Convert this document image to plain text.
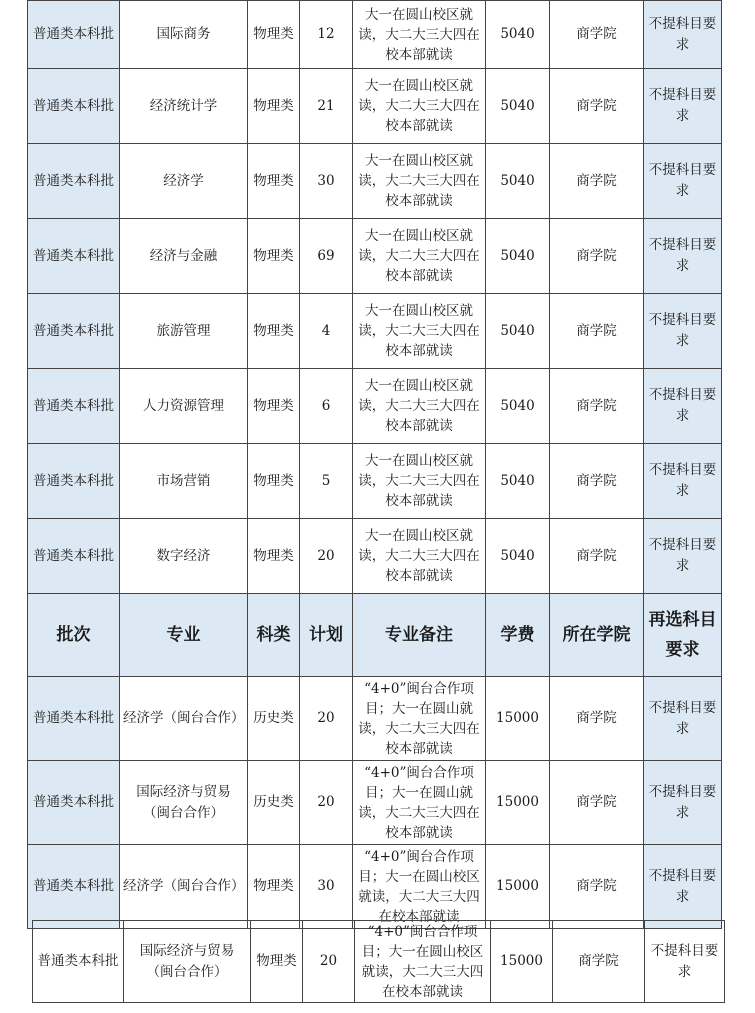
普通类本科批	国际商务	物理类	12	大一在圆山校区就读，大二大三大四在校本部就读	5040	商学院	不提科目要求
普通类本科批	经济统计学	物理类	21	大一在圆山校区就读，大二大三大四在校本部就读	5040	商学院	不提科目要求
普通类本科批	经济学	物理类	30	大一在圆山校区就读，大二大三大四在校本部就读	5040	商学院	不提科目要求
普通类本科批	经济与金融	物理类	69	大一在圆山校区就读，大二大三大四在校本部就读	5040	商学院	不提科目要求
普通类本科批	旅游管理	物理类	4	大一在圆山校区就读，大二大三大四在校本部就读	5040	商学院	不提科目要求
普通类本科批	人力资源管理	物理类	6	大一在圆山校区就读，大二大三大四在校本部就读	5040	商学院	不提科目要求
普通类本科批	市场营销	物理类	5	大一在圆山校区就读，大二大三大四在校本部就读	5040	商学院	不提科目要求
普通类本科批	数字经济	物理类	20	大一在圆山校区就读，大二大三大四在校本部就读	5040	商学院	不提科目要求
批次	专业	科类	计划	专业备注	学费	所在学院	再选科目要求
普通类本科批	经济学（闽台合作）	历史类	20	“4+0”闽台合作项目；大一在圆山就读，大二大三大四在校本部就读	15000	商学院	不提科目要求
普通类本科批	国际经济与贸易（闽台合作）	历史类	20	“4+0”闽台合作项目；大一在圆山就读，大二大三大四在校本部就读	15000	商学院	不提科目要求
普通类本科批	经济学（闽台合作）	物理类	30	“4+0”闽台合作项目；大一在圆山校区就读，大二大三大四在校本部就读	15000	商学院	不提科目要求
普通类本科批	国际经济与贸易（闽台合作）	物理类	20	“4+0”闽台合作项目；大一在圆山校区就读，大二大三大四在校本部就读	15000	商学院	不提科目要求
